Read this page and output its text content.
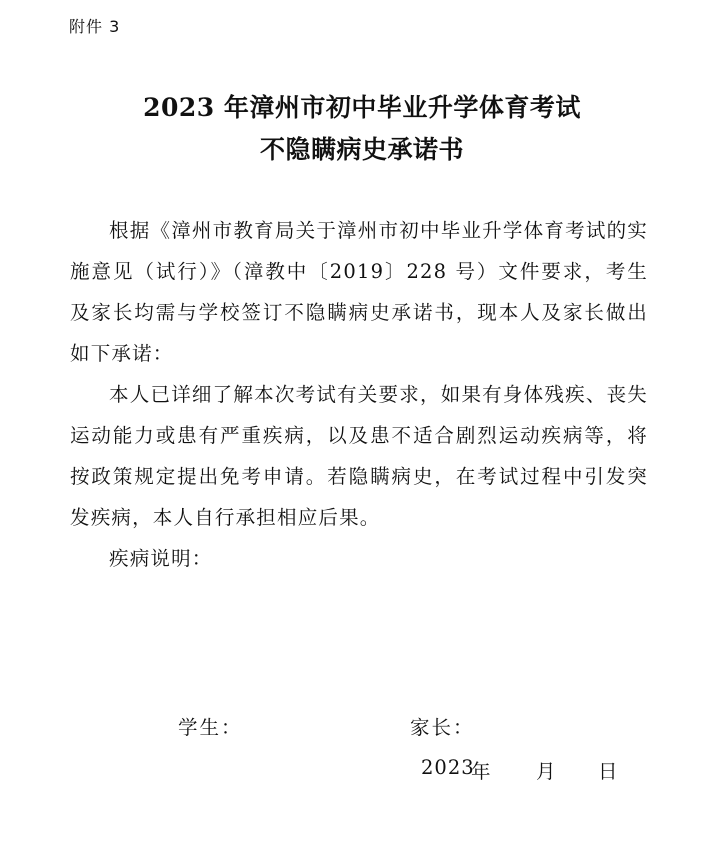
附件 3
2023 年漳州市初中毕业升学体育考试
不隐瞒病史承诺书

根据《漳州市教育局关于漳州市初中毕业升学体育考试的实施意见（试行）》（漳教中〔2019〕228 号）文件要求，考生及家长均需与学校签订不隐瞒病史承诺书，现本人及家长做出如下承诺：

本人已详细了解本次考试有关要求，如果有身体残疾、丧失运动能力或患有严重疾病，以及患不适合剧烈运动疾病等，将按政策规定提出免考申请。若隐瞒病史，在考试过程中引发突发疾病，本人自行承担相应后果。

疾病说明：

学生：	家长：
2023
年 月 日
